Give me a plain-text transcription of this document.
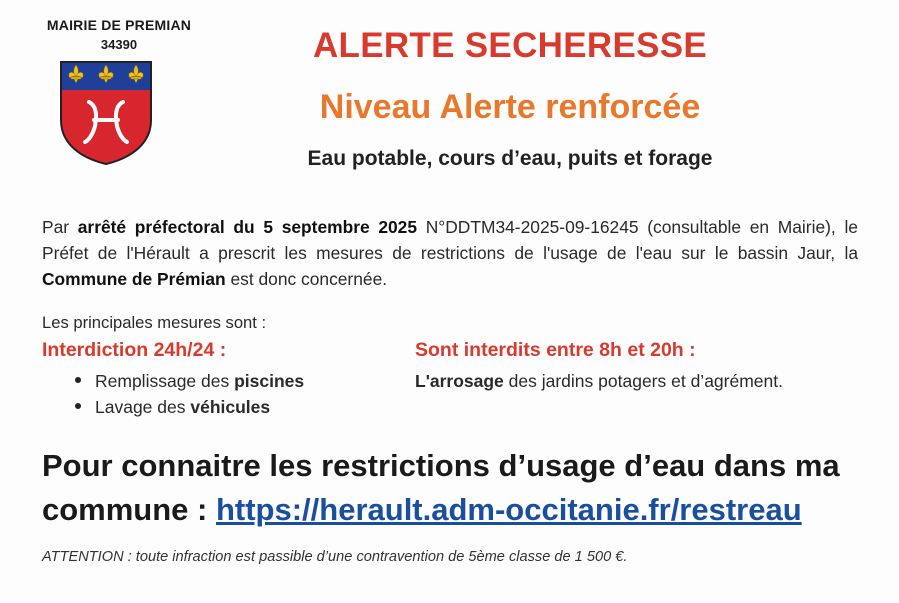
MAIRIE DE PREMIAN
34390	ALERTE SECHERESSE
Niveau Alerte renforcée
Eau potable, cours d’eau, puits et forage
Par arrêté préfectoral du 5 septembre 2025 N°DDTM34-2025-09-16245 (consultable en Mairie), le Préfet de l'Hérault a prescrit les mesures de restrictions de l'usage de l'eau sur le bassin Jaur, la Commune de Prémian est donc concernée.
Les principales mesures sont :
Interdiction 24h/24 :
Remplissage des piscines
Lavage des véhicules
Sont interdits entre 8h et 20h :
L'arrosage des jardins potagers et d’agrément.
Pour connaitre les restrictions d’usage d’eau dans ma commune : https://herault.adm-occitanie.fr/restreau
ATTENTION : toute infraction est passible d’une contravention de 5ème classe de 1 500 €.
